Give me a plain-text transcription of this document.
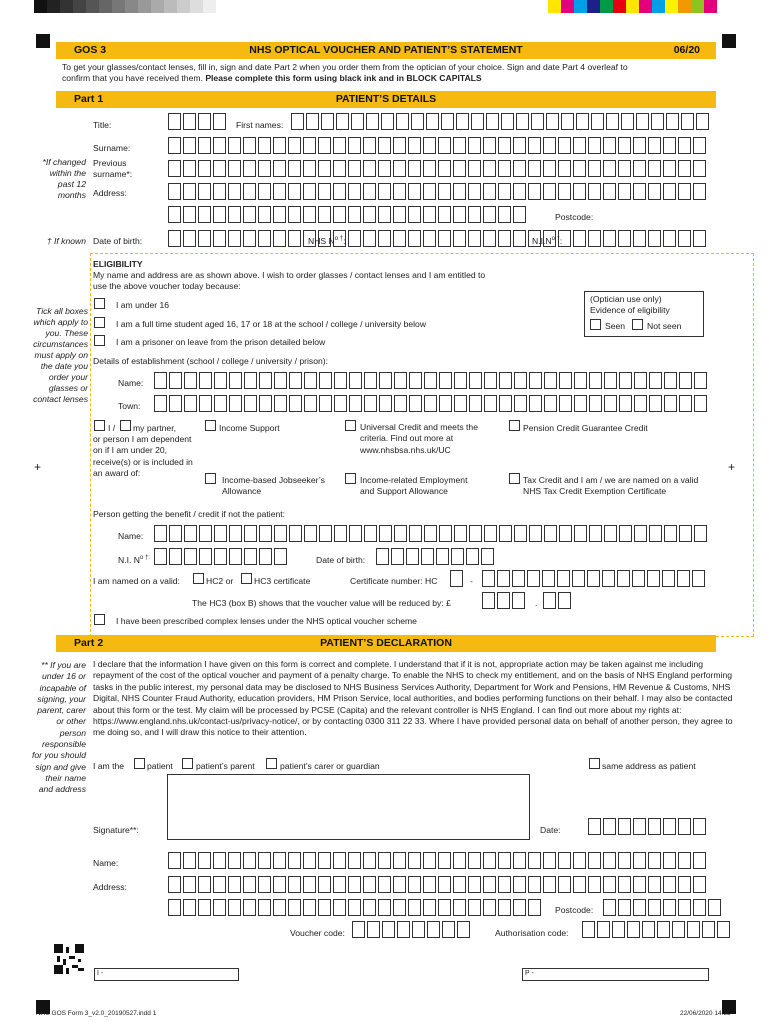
GOS 3	NHS OPTICAL VOUCHER AND PATIENT’S STATEMENT	06/20
To get your glasses/contact lenses, fill in, sign and date Part 2 when you order them from the optician of your choice. Sign and date Part 4 overleaf to
confirm that you have received them. Please complete this form using black ink and in BLOCK CAPITALS
Part 1	PATIENT’S DETAILS
Title:	First names:
Surname:
*If changed within the past 12 months
Previous surname*:
Address:
Postcode:
† If known Date of birth:	NHS $N^{o \dagger}$:	$N.I.N^{o \dagger}$:
ELIGIBILITY
My name and address are as shown above. I wish to order glasses / contact lenses and I am entitled to use the above voucher today because:
Tick all boxes which apply to you. These circumstances must apply on the date you order your glasses or contact lenses
I am under 16
I am a full time student aged 16, 17 or 18 at the school / college / university below
I am a prisoner on leave from the prison detailed below
(Optician use only)
Evidence of eligibility
Seen	Not seen
Details of establishment (school / college / university / prison):
Name:
Town:
I / my partner,
or person I am dependent on if I am under 20, receive(s) or is included in an award of:
Income Support	Universal Credit and meets the criteria. Find out more at www.nhsbsa.nhs.uk/UC
Pension Credit Guarantee Credit
Income-based Jobseeker’s Allowance
Income-related Employment and Support Allowance
Tax Credit and I am / we are named on a valid NHS Tax Credit Exemption Certificate
+	+
Person getting the benefit / credit if not the patient:
Name:
N.I. $N^{o \dagger:}$	Date of birth:
I am named on a valid:	HC2 or HC3 certificate	Certificate number: HC	-
The HC3 (box B) shows that the voucher value will be reduced by: £	.
I have been prescribed complex lenses under the NHS optical voucher scheme
Part 2	PATIENT’S DECLARATION
** If you are under 16 or incapable of signing, your parent, carer or other person responsible for you should sign and give their name and address
I declare that the information I have given on this form is correct and complete. I understand that if it is not, appropriate action may be taken against me including repayment of the cost of the optical voucher and payment of a penalty charge. To enable the NHS to check my entitlement, and on the basis of NHS England performing tasks in the public interest, my personal data may be disclosed to NHS Business Services Authority, Department for Work and Pensions, HM Revenue & Customs, NHS Digital, NHS Counter Fraud Authority, education providers, HM Prison Service, local authorities, and bodies performing functions on their behalf. I may also be contacted about this form or the test. My claim will be processed by PCSE (Capita) and the relevant controller is NHS England. I can find out more about my rights at: https://www.england.nhs.uk/contact-us/privacy-notice/, or by contacting 0300 311 22 33. Where I have provided personal data on behalf of another person, they agree to me doing so, and I will draw this notice to their attention.
I am the	patient	patient’s parent	patient’s carer or guardian	same address as patient
Signature**:	Date:
Name:
Address:
Postcode:
Voucher code:	Authorisation code:
I -	P -
NHS GOS Form 3_v2.0_20190527.indd 1	22/06/2020 14:35
